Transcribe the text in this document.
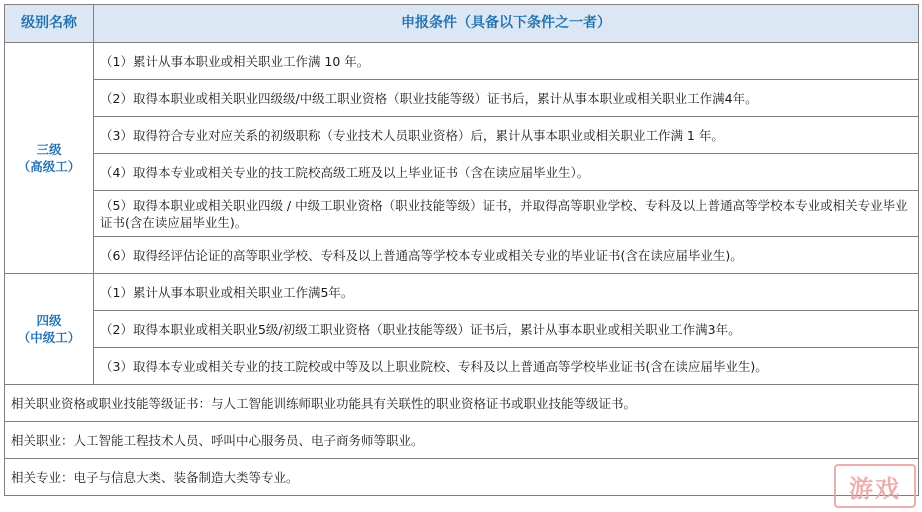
级别名称	申报条件（具备以下条件之一者）

三级
（高级工）	（1）累计从事本职业或相关职业工作满 10 年。
	（2）取得本职业或相关职业四级级/中级工职业资格（职业技能等级）证书后，累计从事本职业或相关职业工作满4年。
	（3）取得符合专业对应关系的初级职称（专业技术人员职业资格）后，累计从事本职业或相关职业工作满 1 年。
	（4）取得本专业或相关专业的技工院校高级工班及以上毕业证书（含在读应届毕业生）。
	（5）取得本职业或相关职业四级 / 中级工职业资格（职业技能等级）证书，并取得高等职业学校、专科及以上普通高等学校本专业或相关专业毕业证书(含在读应届毕业生)。
	（6）取得经评估论证的高等职业学校、专科及以上普通高等学校本专业或相关专业的毕业证书(含在读应届毕业生)。

四级
（中级工）	（1）累计从事本职业或相关职业工作满5年。
	（2）取得本职业或相关职业5级/初级工职业资格（职业技能等级）证书后，累计从事本职业或相关职业工作满3年。
	（3）取得本专业或相关专业的技工院校或中等及以上职业院校、专科及以上普通高等学校毕业证书(含在读应届毕业生)。
相关职业资格或职业技能等级证书：与人工智能训练师职业功能具有关联性的职业资格证书或职业技能等级证书。	
相关职业：人工智能工程技术人员、呼叫中心服务员、电子商务师等职业。	
相关专业：电子与信息大类、装备制造大类等专业。		游戏
